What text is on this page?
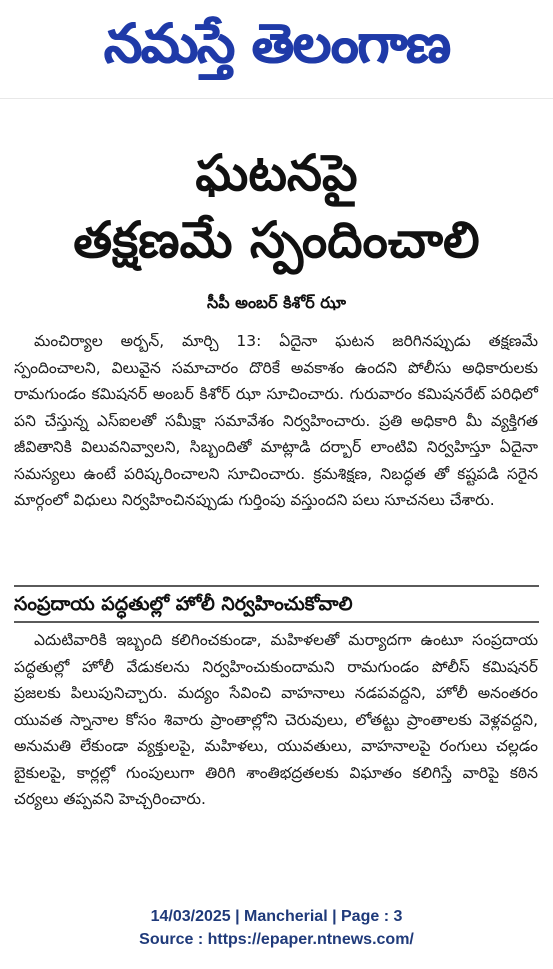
నమస్తే తెలంగాణ
ఘటనపై
తక్షణమే స్పందించాలి
సీపీ అంబర్ కిశోర్ ఝా
మంచిర్యాల అర్బన్, మార్చి 13: ఏదైనా ఘటన జరిగినప్పుడు తక్షణమే స్పందించాలని, విలువైన సమాచారం దొరికే అవకాశం ఉందని పోలీసు అధికారులకు రామగుండం కమిషనర్ అంబర్ కిశోర్ ఝా సూచించారు. గురువారం కమిషనరేట్ పరిధిలో పని చేస్తున్న ఎస్‌ఐలతో సమీక్షా సమావేశం నిర్వహించారు. ప్రతి అధికారి మీ వ్యక్తిగత జీవితానికి విలువనివ్వాలని, సిబ్బందితో మాట్లాడి దర్బార్ లాంటివి నిర్వహిస్తూ ఏదైనా సమస్యలు ఉంటే పరిష్కరించాలని సూచించారు. క్రమశిక్షణ, నిబద్ధత తో కష్టపడి సరైన మార్గంలో విధులు నిర్వహించినప్పుడు గుర్తింపు వస్తుందని పలు సూచనలు చేశారు.
సంప్రదాయ పద్ధతుల్లో హోలీ నిర్వహించుకోవాలి
ఎదుటివారికి ఇబ్బంది కలిగించకుండా, మహిళలతో మర్యాదగా ఉంటూ సంప్రదాయ పద్ధతుల్లో హోలీ వేడుకలను నిర్వహించుకుందామని రామగుండం పోలీస్ కమిషనర్ ప్రజలకు పిలుపునిచ్చారు. మద్యం సేవించి వాహనాలు నడపవద్దని, హోలీ అనంతరం యువత స్నానాల కోసం శివారు ప్రాంతాల్లోని చెరువులు, లోతట్టు ప్రాంతాలకు వెళ్లవద్దని, అనుమతి లేకుండా వ్యక్తులపై, మహిళలు, యువతులు, వాహనాలపై రంగులు చల్లడం బైకులపై, కార్లల్లో గుంపులుగా తిరిగి శాంతిభద్రతలకు విఘాతం కలిగిస్తే వారిపై కఠిన చర్యలు తప్పవని హెచ్చరించారు.
14/03/2025 | Mancherial | Page : 3
Source : https://epaper.ntnews.com/
